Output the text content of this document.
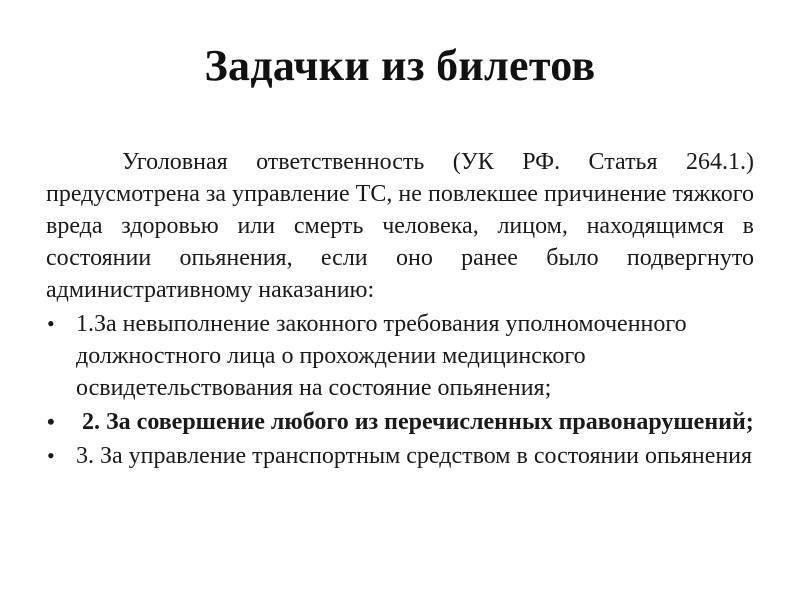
Задачки из билетов

Уголовная ответственность (УК РФ. Статья 264.1.) предусмотрена за управление ТС, не повлекшее причинение тяжкого вреда здоровью или смерть человека, лицом, находящимся в состоянии опьянения, если оно ранее было подвергнуто административному наказанию:

• 1.За невыполнение законного требования уполномоченного должностного лица о прохождении медицинского освидетельствования на состояние опьянения;
• 2. За совершение любого из перечисленных правонарушений;
• 3. За управление транспортным средством в состоянии опьянения
